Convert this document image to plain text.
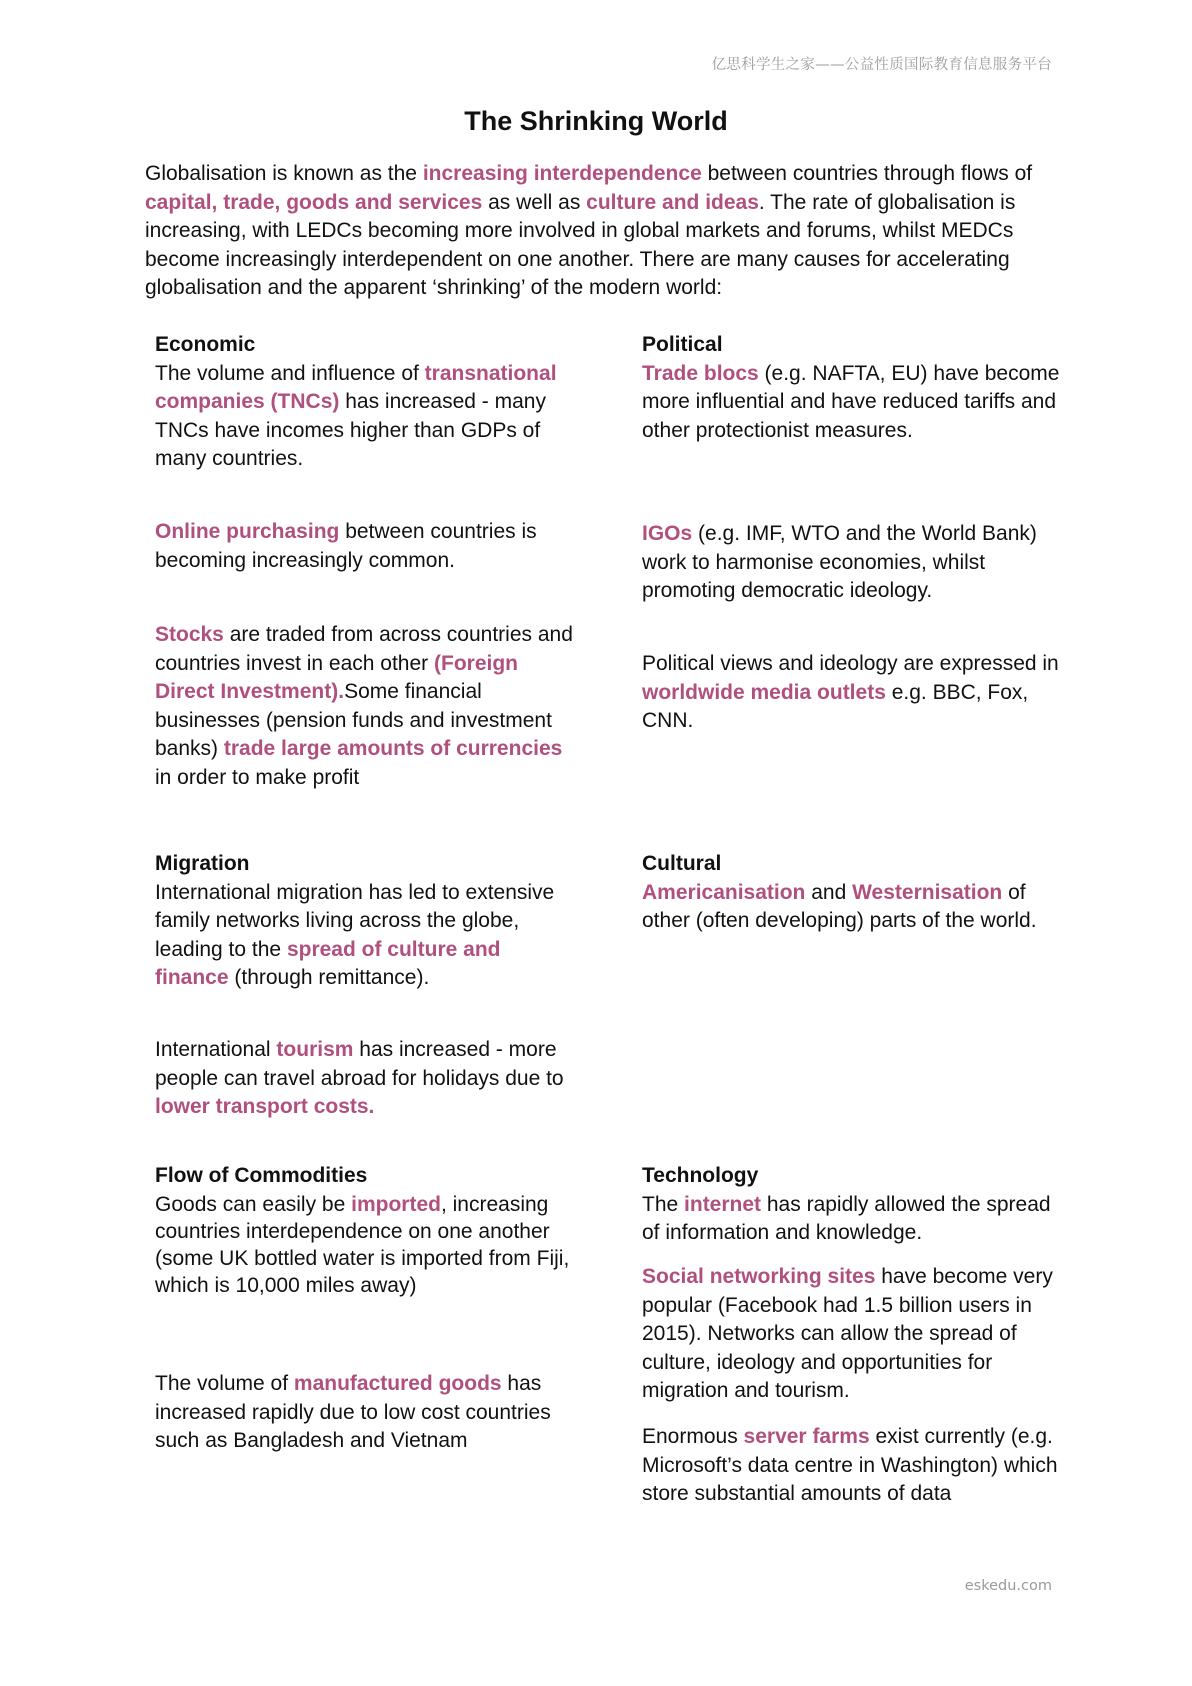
亿思科学生之家——公益性质国际教育信息服务平台
The Shrinking World

Globalisation is known as the increasing interdependence between countries through flows of capital, trade, goods and services as well as culture and ideas. The rate of globalisation is increasing, with LEDCs becoming more involved in global markets and forums, whilst MEDCs become increasingly interdependent on one another. There are many causes for accelerating globalisation and the apparent ‘shrinking’ of the modern world:

Economic

The volume and influence of transnational companies (TNCs) has increased - many TNCs have incomes higher than GDPs of many countries.

Online purchasing between countries is becoming increasingly common.

Stocks are traded from across countries and countries invest in each other (Foreign Direct Investment).Some financial businesses (pension funds and investment banks) trade large amounts of currencies in order to make profit

Political

Trade blocs (e.g. NAFTA, EU) have become more influential and have reduced tariffs and other protectionist measures.

IGOs (e.g. IMF, WTO and the World Bank) work to harmonise economies, whilst promoting democratic ideology.

Political views and ideology are expressed in worldwide media outlets e.g. BBC, Fox, CNN.

Migration

International migration has led to extensive family networks living across the globe, leading to the spread of culture and finance (through remittance).

International tourism has increased - more people can travel abroad for holidays due to lower transport costs.

Cultural

Americanisation and Westernisation of other (often developing) parts of the world.

Flow of Commodities

Goods can easily be imported, increasing countries interdependence on one another (some UK bottled water is imported from Fiji, which is 10,000 miles away)

The volume of manufactured goods has increased rapidly due to low cost countries such as Bangladesh and Vietnam

Technology

The internet has rapidly allowed the spread of information and knowledge.

Social networking sites have become very popular (Facebook had 1.5 billion users in 2015). Networks can allow the spread of culture, ideology and opportunities for migration and tourism.

Enormous server farms exist currently (e.g. Microsoft’s data centre in Washington) which store substantial amounts of data

eskedu.com
